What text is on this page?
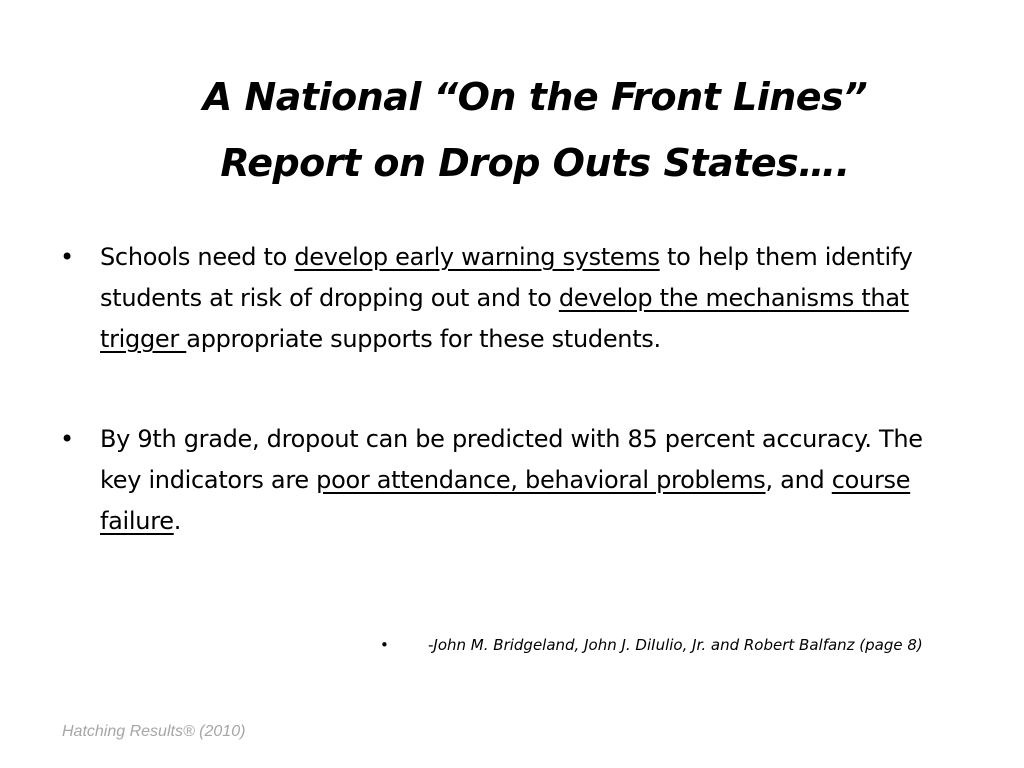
A National “On the Front Lines”
Report on Drop Outs States….
• Schools need to develop early warning systems to help them identify students at risk of dropping out and to develop the mechanisms that trigger appropriate supports for these students.
• By 9th grade, dropout can be predicted with 85 percent accuracy. The key indicators are poor attendance, behavioral problems, and course failure.
•	-John M. Bridgeland, John J. DiIulio, Jr. and Robert Balfanz (page 8)
Hatching Results® (2010)
